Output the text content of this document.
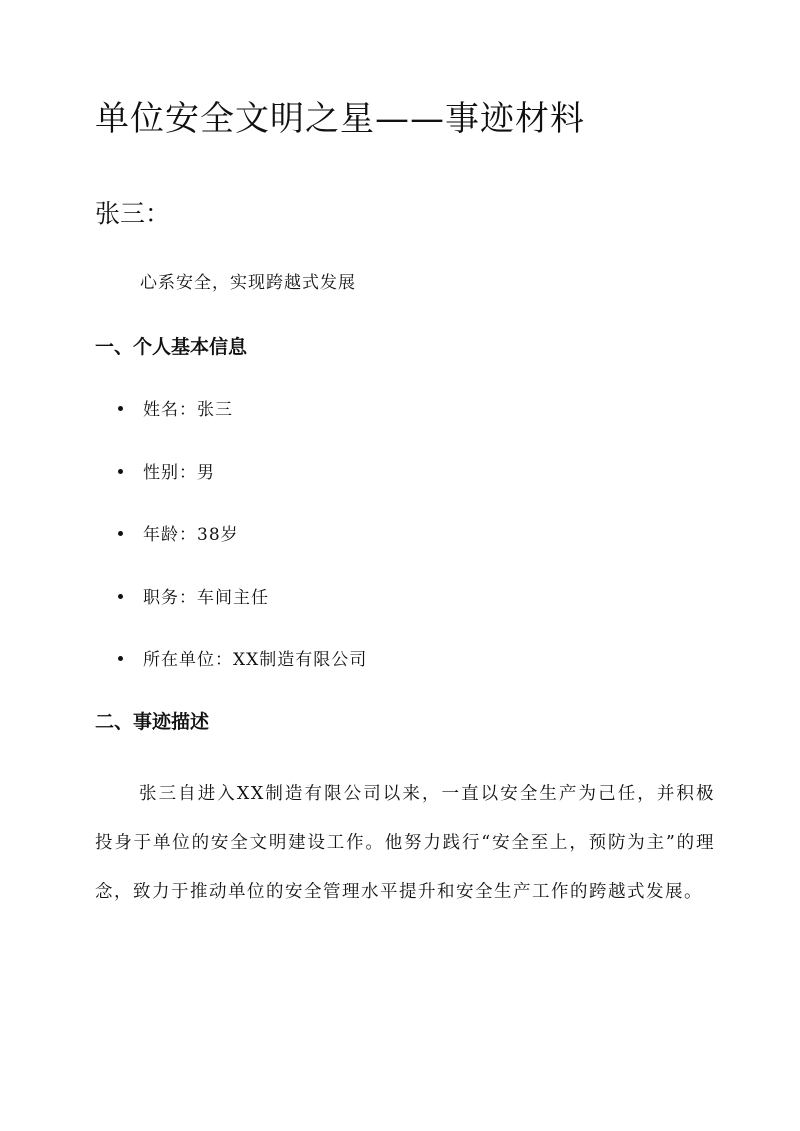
单位安全文明之星——事迹材料
张三：

心系安全，实现跨越式发展

一、个人基本信息
姓名：张三
性别：男
年龄：38岁
职务：车间主任
所在单位：XX制造有限公司
二、事迹描述

张三自进入XX制造有限公司以来，一直以安全生产为己任，并积极投身于单位的安全文明建设工作。他努力践行“安全至上，预防为主”的理念，致力于推动单位的安全管理水平提升和安全生产工作的跨越式发展。
